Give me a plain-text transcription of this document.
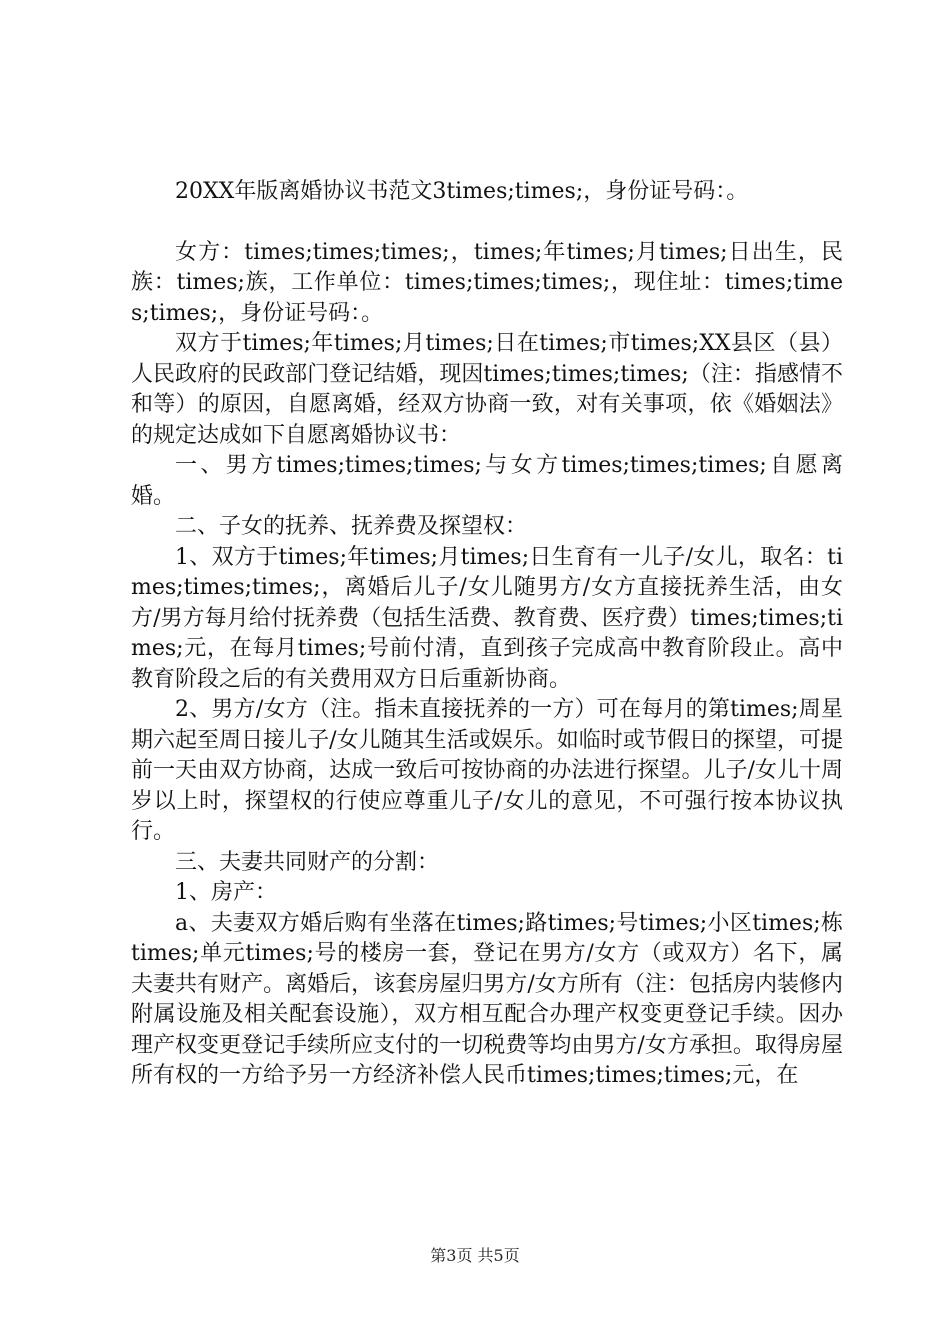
20XX年版离婚协议书范文3times;times;，身份证号码：。

女方：times;times;times;，times;年times;月times;日出生，民族：times;族，工作单位：times;times;times;，现住址：times;times;times;，身份证号码：。

双方于times;年times;月times;日在times;市times;XX县区（县）人民政府的民政部门登记结婚，现因times;times;times;（注：指感情不和等）的原因，自愿离婚，经双方协商一致，对有关事项，依《婚姻法》的规定达成如下自愿离婚协议书：

一、男方times;times;times;与女方times;times;times;自愿离婚。

二、子女的抚养、抚养费及探望权：

1、双方于times;年times;月times;日生育有一儿子/女儿，取名：times;times;times;，离婚后儿子/女儿随男方/女方直接抚养生活，由女方/男方每月给付抚养费（包括生活费、教育费、医疗费）times;times;times;元，在每月times;号前付清，直到孩子完成高中教育阶段止。高中教育阶段之后的有关费用双方日后重新协商。

2、男方/女方（注。指未直接抚养的一方）可在每月的第times;周星期六起至周日接儿子/女儿随其生活或娱乐。如临时或节假日的探望，可提前一天由双方协商，达成一致后可按协商的办法进行探望。儿子/女儿十周岁以上时，探望权的行使应尊重儿子/女儿的意见，不可强行按本协议执行。

三、夫妻共同财产的分割：

1、房产：

a、夫妻双方婚后购有坐落在times;路times;号times;小区times;栋times;单元times;号的楼房一套，登记在男方/女方（或双方）名下，属夫妻共有财产。离婚后，该套房屋归男方/女方所有（注：包括房内装修内附属设施及相关配套设施），双方相互配合办理产权变更登记手续。因办理产权变更登记手续所应支付的一切税费等均由男方/女方承担。取得房屋所有权的一方给予另一方经济补偿人民币times;times;times;元，在

第3页 共5页
